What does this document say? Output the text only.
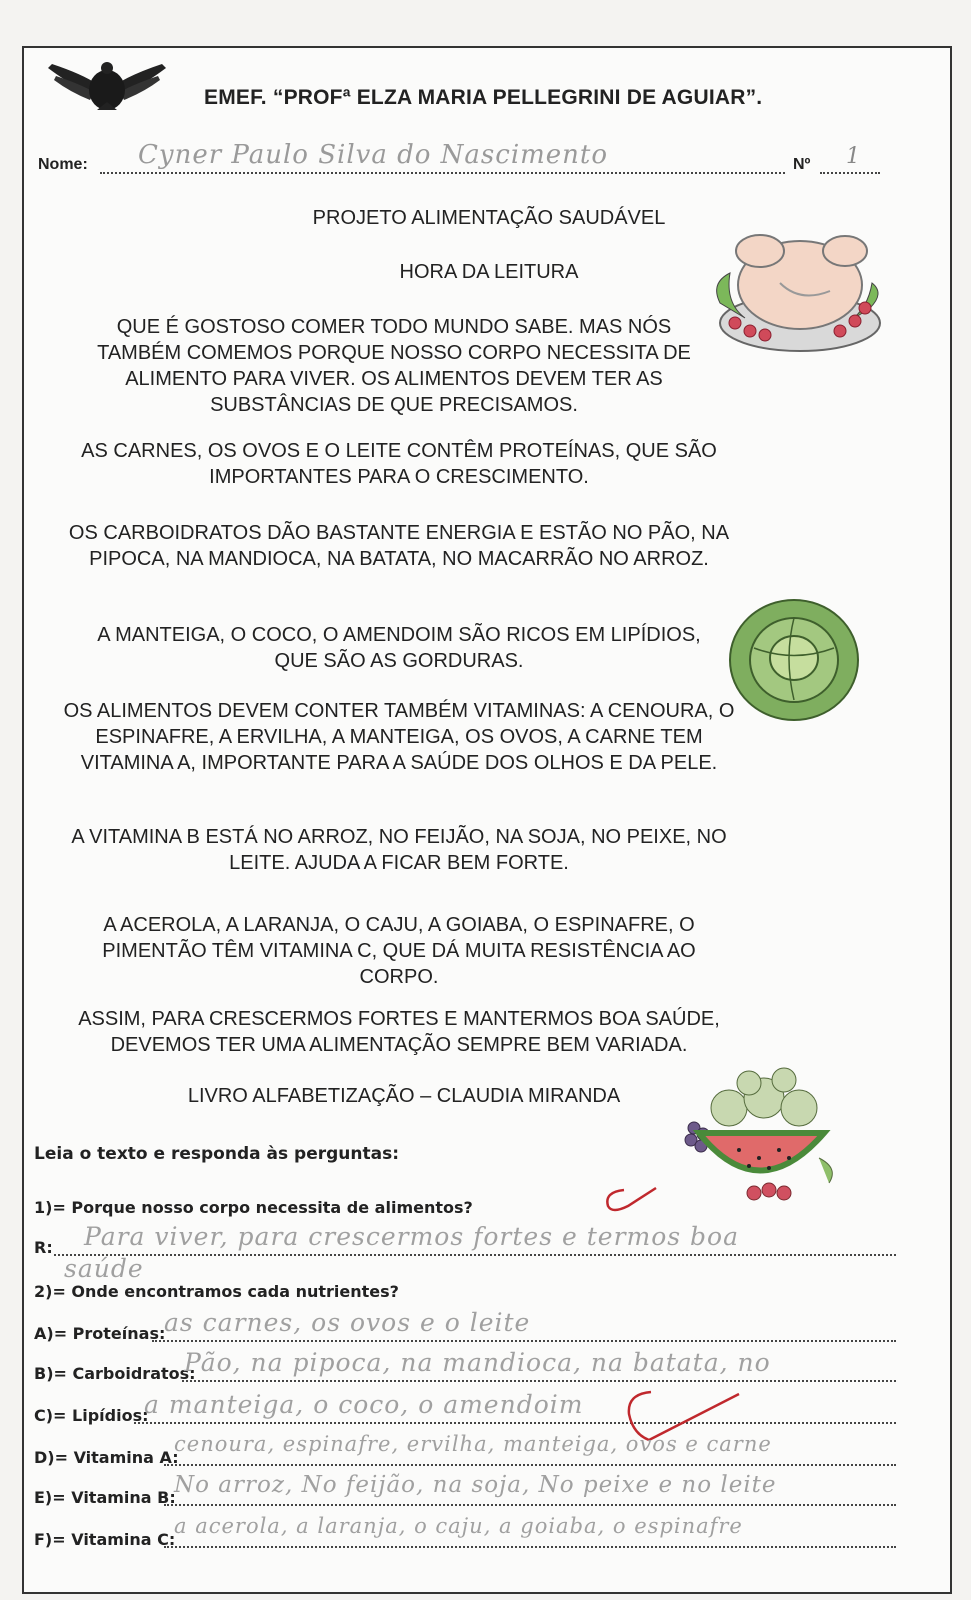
EMEF. “PROFª ELZA MARIA PELLEGRINI DE AGUIAR”.
Nome: Cyner Paulo Silva do Nascimento	Nº 1
PROJETO ALIMENTAÇÃO SAUDÁVEL
HORA DA LEITURA
QUE É GOSTOSO COMER TODO MUNDO SABE. MAS NÓS TAMBÉM COMEMOS PORQUE NOSSO CORPO NECESSITA DE ALIMENTO PARA VIVER. OS ALIMENTOS DEVEM TER AS SUBSTÂNCIAS DE QUE PRECISAMOS.
AS CARNES, OS OVOS E O LEITE CONTÊM PROTEÍNAS, QUE SÃO IMPORTANTES PARA O CRESCIMENTO.
OS CARBOIDRATOS DÃO BASTANTE ENERGIA E ESTÃO NO PÃO, NA PIPOCA, NA MANDIOCA, NA BATATA, NO MACARRÃO NO ARROZ.
A MANTEIGA, O COCO, O AMENDOIM SÃO RICOS EM LIPÍDIOS, QUE SÃO AS GORDURAS.
OS ALIMENTOS DEVEM CONTER TAMBÉM VITAMINAS: A CENOURA, O ESPINAFRE, A ERVILHA, A MANTEIGA, OS OVOS, A CARNE TEM VITAMINA A, IMPORTANTE PARA A SAÚDE DOS OLHOS E DA PELE.
A VITAMINA B ESTÁ NO ARROZ, NO FEIJÃO, NA SOJA, NO PEIXE, NO LEITE. AJUDA A FICAR BEM FORTE.
A ACEROLA, A LARANJA, O CAJU, A GOIABA, O ESPINAFRE, O PIMENTÃO TÊM VITAMINA C, QUE DÁ MUITA RESISTÊNCIA AO CORPO.
ASSIM, PARA CRESCERMOS FORTES E MANTERMOS BOA SAÚDE, DEVEMOS TER UMA ALIMENTAÇÃO SEMPRE BEM VARIADA.
LIVRO ALFABETIZAÇÃO – CLAUDIA MIRANDA
Leia o texto e responda às perguntas:
1)= Porque nosso corpo necessita de alimentos?
R: Para viver, para crescermos fortes e termos boa
saúde
2)= Onde encontramos cada nutrientes?
A)= Proteínas:
as carnes, os ovos e o leite
B)= Carboidratos:
Pão, na pipoca, na mandioca, na batata, no
C)= Lipídios:
a manteiga, o coco, o amendoim
D)= Vitamina A:
cenoura, espinafre, ervilha, manteiga, ovos e carne
E)= Vitamina B:
No arroz, No feijão, na soja, No peixe e no leite
F)= Vitamina C:
a acerola, a laranja, o caju, a goiaba, o espinafre
